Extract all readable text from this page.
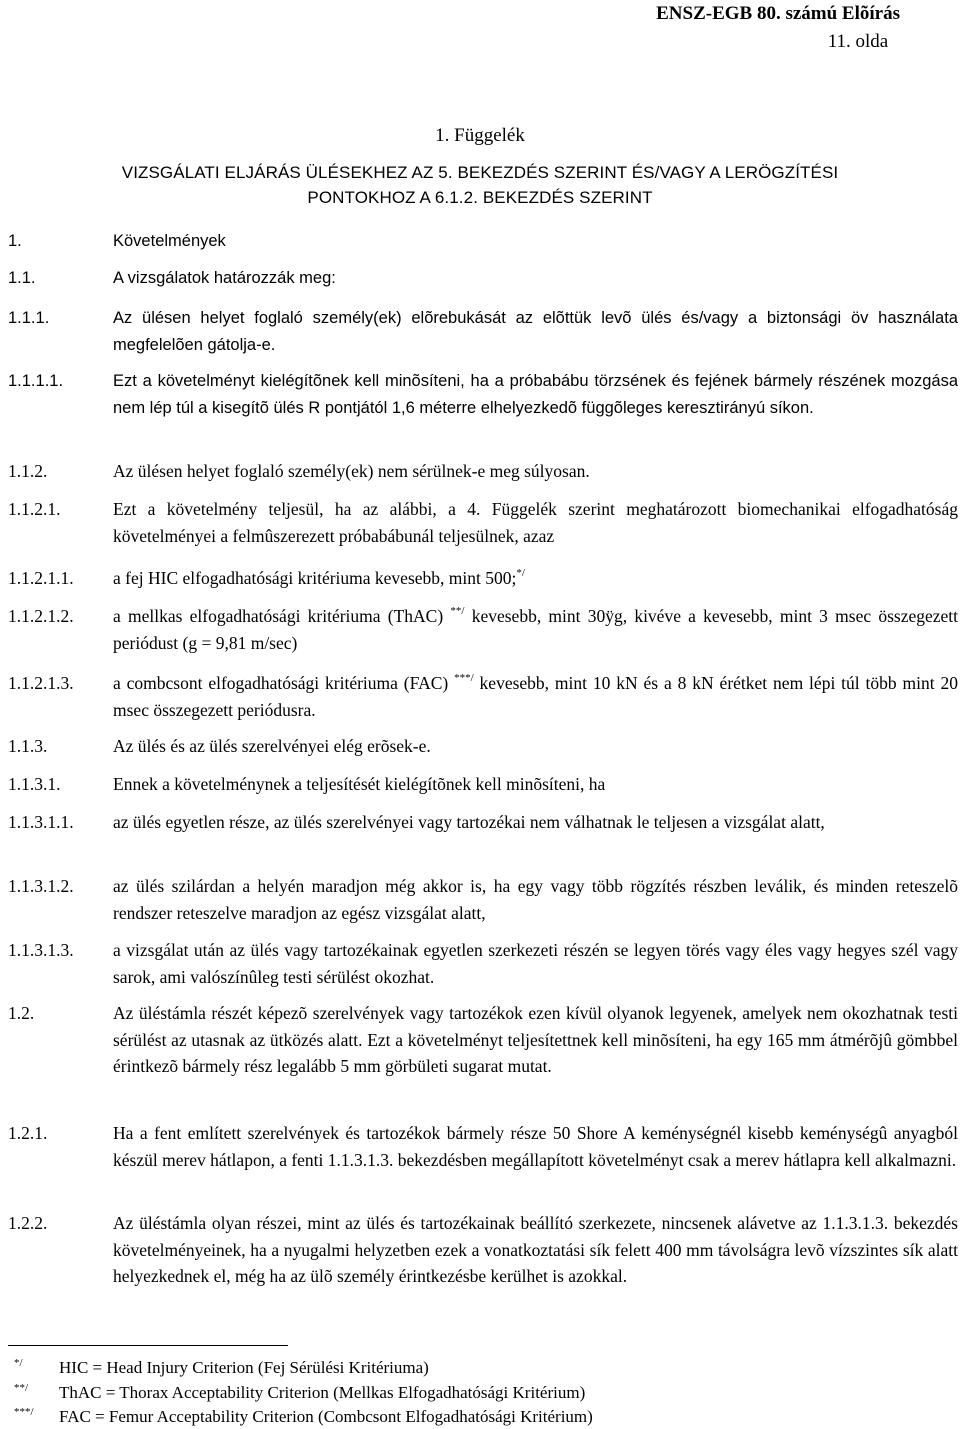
ENSZ-EGB 80. számú Elõírás
11. olda
1. Függelék
VIZSGÁLATI ELJÁRÁS ÜLÉSEKHEZ AZ 5. BEKEZDÉS SZERINT ÉS/VAGY A LERÖGZÍTÉSI
PONTOKHOZ A 6.1.2. BEKEZDÉS SZERINT
1.	Követelmények
1.1.	A vizsgálatok határozzák meg:
1.1.1.	Az ülésen helyet foglaló személy(ek) elõrebukását az elõttük levõ ülés és/vagy a biztonsági öv használata megfelelõen gátolja-e.
1.1.1.1.	Ezt a követelményt kielégítõnek kell minõsíteni, ha a próbabábu törzsének és fejének bármely részének mozgása nem lép túl a kisegítõ ülés R pontjától 1,6 méterre elhelyezkedõ függõleges keresztirányú síkon.
1.1.2.	Az ülésen helyet foglaló személy(ek) nem sérülnek-e meg súlyosan.
1.1.2.1.	Ezt a követelmény teljesül, ha az alábbi, a 4. Függelék szerint meghatározott biomechanikai elfogadhatóság követelményei a felmûszerezett próbabábunál teljesülnek, azaz
1.1.2.1.1. a fej HIC elfogadhatósági kritériuma kevesebb, mint 500;*/
1.1.2.1.2. a mellkas elfogadhatósági kritériuma (ThAC) **/ kevesebb, mint 30ÿg, kivéve a kevesebb, mint 3 msec összegezett periódust (g = 9,81 m/sec)
1.1.2.1.3. a combcsont elfogadhatósági kritériuma (FAC) ***/ kevesebb, mint 10 kN és a 8 kN érétket nem lépi túl több mint 20 msec összegezett periódusra.
1.1.3.	Az ülés és az ülés szerelvényei elég erõsek-e.
1.1.3.1.	Ennek a követelménynek a teljesítését kielégítõnek kell minõsíteni, ha
1.1.3.1.1. az ülés egyetlen része, az ülés szerelvényei vagy tartozékai nem válhatnak le teljesen a vizsgálat alatt,
1.1.3.1.2. az ülés szilárdan a helyén maradjon még akkor is, ha egy vagy több rögzítés részben leválik, és minden reteszelõ rendszer reteszelve maradjon az egész vizsgálat alatt,
1.1.3.1.3. a vizsgálat után az ülés vagy tartozékainak egyetlen szerkezeti részén se legyen törés vagy éles vagy hegyes szél vagy sarok, ami valószínûleg testi sérülést okozhat.
1.2.	Az üléstámla részét képezõ szerelvények vagy tartozékok ezen kívül olyanok legyenek, amelyek nem okozhatnak testi sérülést az utasnak az ütközés alatt. Ezt a követelményt teljesítettnek kell minõsíteni, ha egy 165 mm átmérõjû gömbbel érintkezõ bármely rész legalább 5 mm görbületi sugarat mutat.
1.2.1.	Ha a fent említett szerelvények és tartozékok bármely része 50 Shore A keménységnél kisebb keménységû anyagból készül merev hátlapon, a fenti 1.1.3.1.3. bekezdésben megállapított követelményt csak a merev hátlapra kell alkalmazni.
1.2.2.	Az üléstámla olyan részei, mint az ülés és tartozékainak beállító szerkezete, nincsenek alávetve az 1.1.3.1.3. bekezdés követelményeinek, ha a nyugalmi helyzetben ezek a vonatkoztatási sík felett 400 mm távolságra levõ vízszintes sík alatt helyezkednek el, még ha az ülõ személy érintkezésbe kerülhet is azokkal.
*/ HIC = Head Injury Criterion (Fej Sérülési Kritériuma)
**/ ThAC = Thorax Acceptability Criterion (Mellkas Elfogadhatósági Kritérium)
***/ FAC = Femur Acceptability Criterion (Combcsont Elfogadhatósági Kritérium)
